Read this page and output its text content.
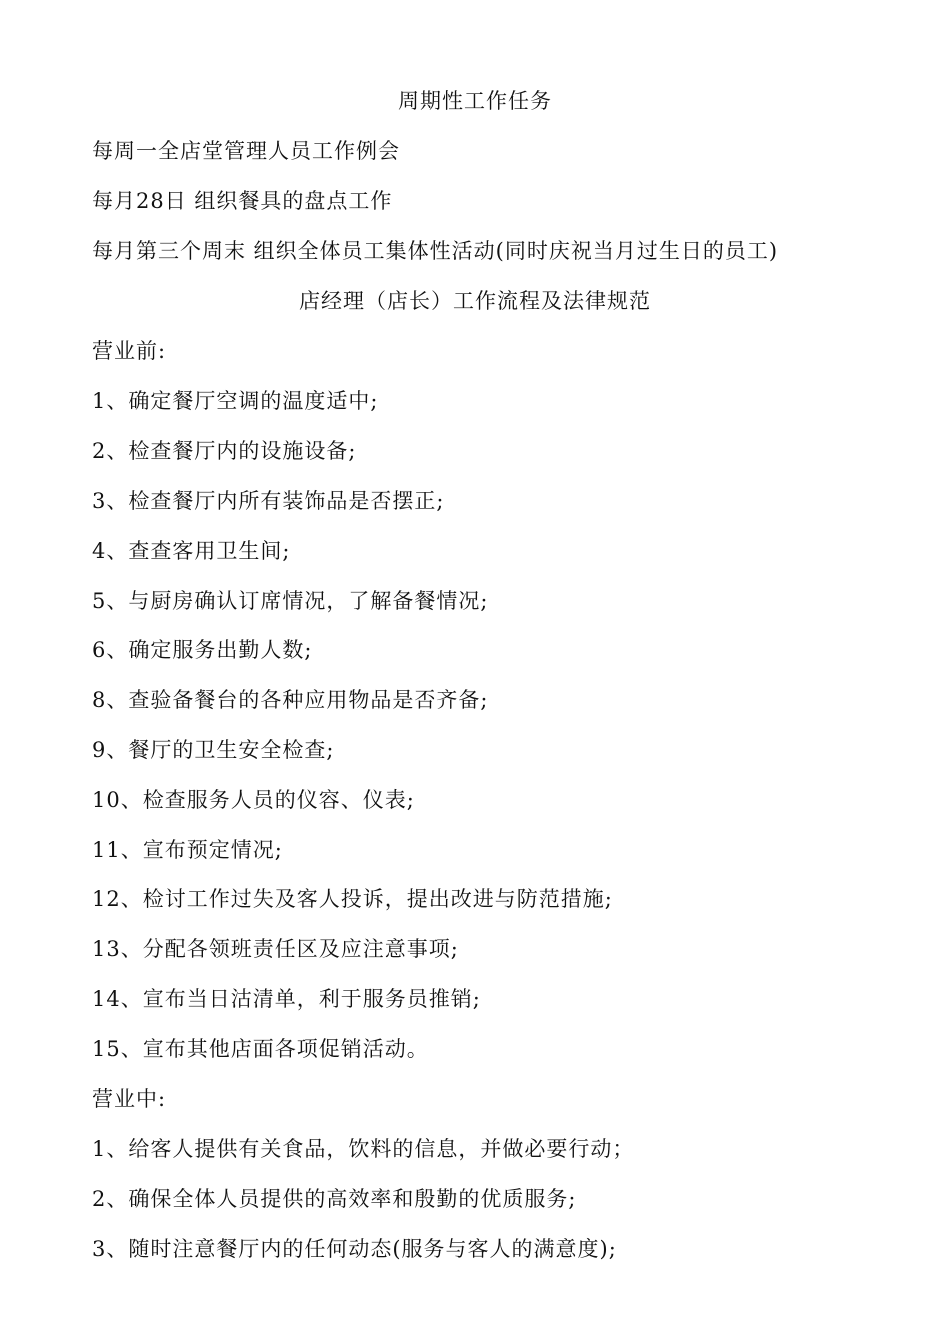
周期性工作任务
每周一全店堂管理人员工作例会
每月28日 组织餐具的盘点工作
每月第三个周末 组织全体员工集体性活动(同时庆祝当月过生日的员工)
店经理（店长）工作流程及法律规范
营业前:
1、确定餐厅空调的温度适中;
2、检查餐厅内的设施设备;
3、检查餐厅内所有装饰品是否摆正;
4、查查客用卫生间;
5、与厨房确认订席情况，了解备餐情况;
6、确定服务出勤人数;
8、查验备餐台的各种应用物品是否齐备;
9、餐厅的卫生安全检查;
10、检查服务人员的仪容、仪表;
11、宣布预定情况;
12、检讨工作过失及客人投诉，提出改进与防范措施;
13、分配各领班责任区及应注意事项;
14、宣布当日沽清单，利于服务员推销;
15、宣布其他店面各项促销活动。
营业中:
1、给客人提供有关食品，饮料的信息，并做必要行动；
2、确保全体人员提供的高效率和殷勤的优质服务;
3、随时注意餐厅内的任何动态(服务与客人的满意度);
